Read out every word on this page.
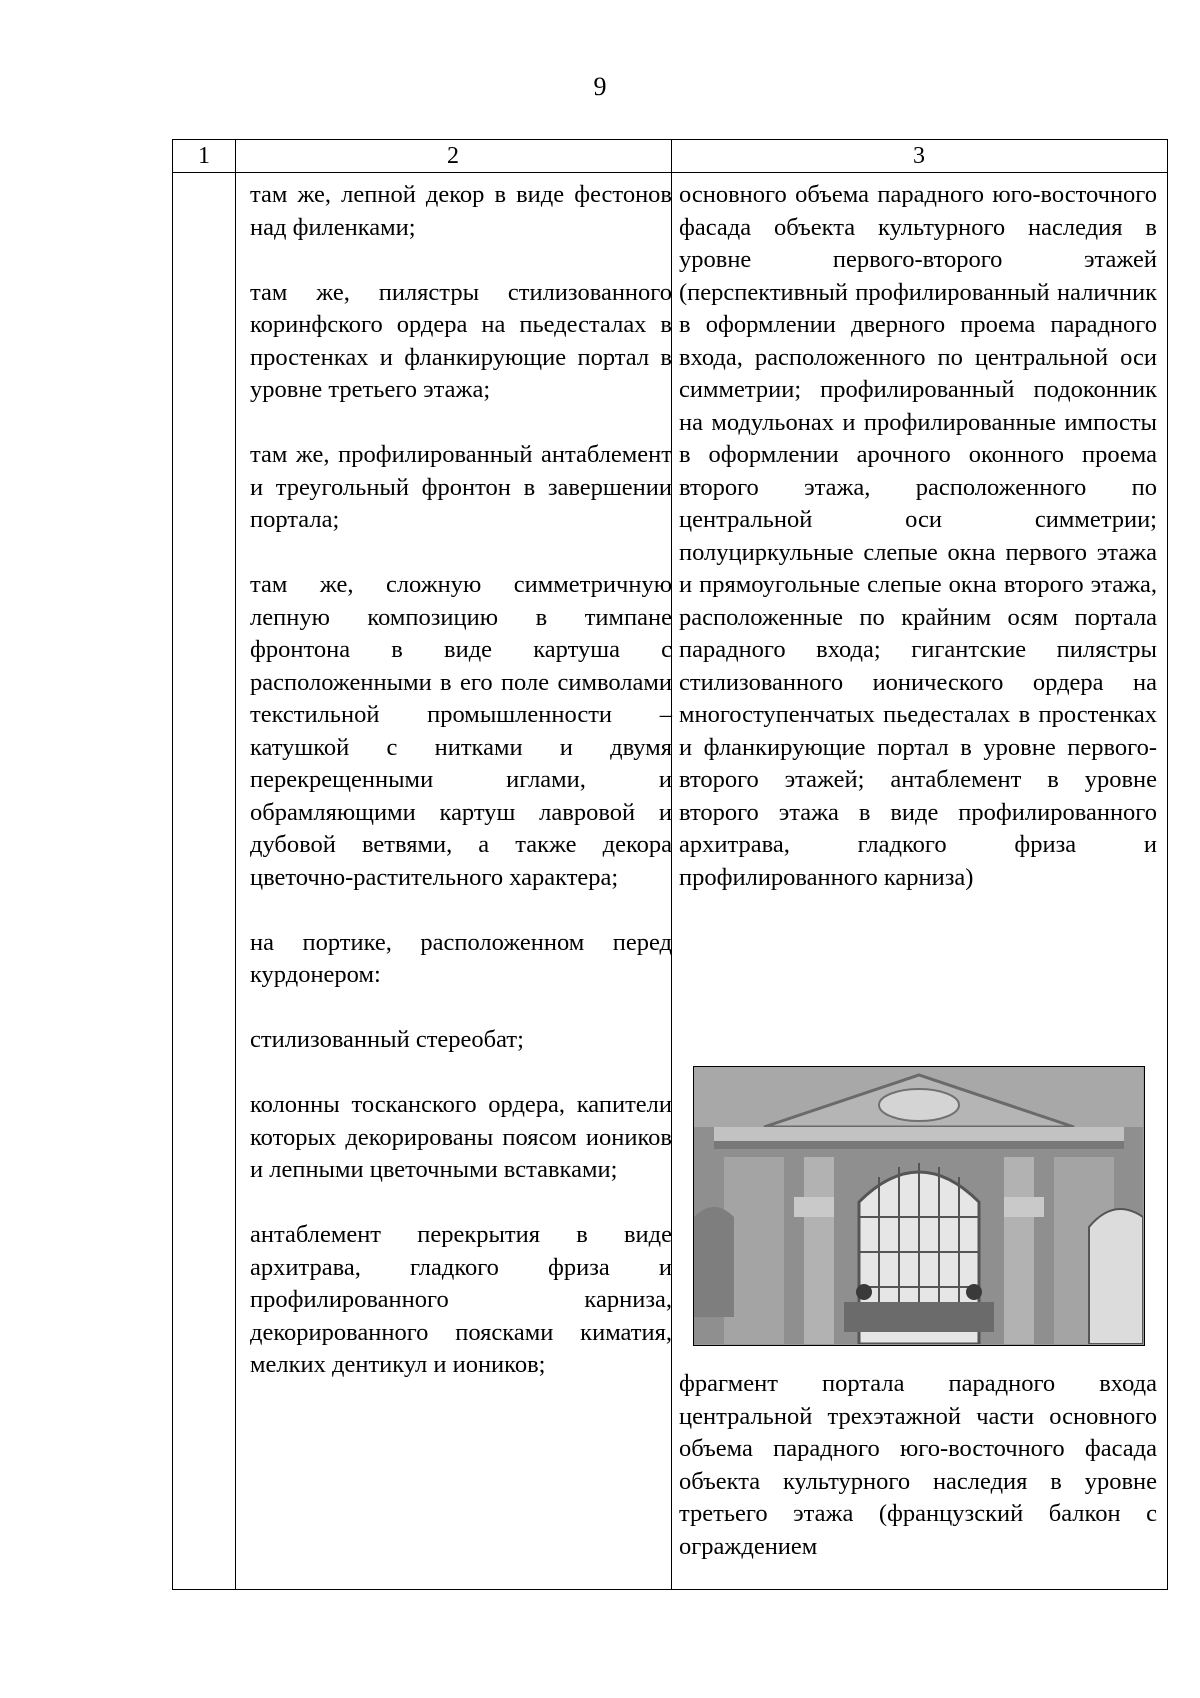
9
1	2	3

там же, лепной декор в виде фестонов над филенками;

там же, пилястры стилизованного коринфского ордера на пьедесталах в простенках и фланкирующие портал в уровне третьего этажа;

там же, профилированный антаблемент и треугольный фронтон в завершении портала;

там же, сложную симметричную лепную композицию в тимпане фронтона в виде картуша с расположенными в его поле символами текстильной промышленности – катушкой с нитками и двумя перекрещенными иглами, и обрамляющими картуш лавровой и дубовой ветвями, а также декора цветочно-растительного характера;

на портике, расположенном перед курдонером:

стилизованный стереобат;

колонны тосканского ордера, капители которых декорированы поясом иоников и лепными цветочными вставками;

антаблемент перекрытия в виде архитрава, гладкого фриза и профилированного карниза, декорированного поясками киматия, мелких дентикул и иоников;

основного объема парадного юго-восточного фасада объекта культурного наследия в уровне первого-второго этажей (перспективный профилированный наличник в оформлении дверного проема парадного входа, расположенного по центральной оси симметрии; профилированный подоконник на модульонах и профилированные импосты в оформлении арочного оконного проема второго этажа, расположенного по центральной оси симметрии; полуциркульные слепые окна первого этажа и прямоугольные слепые окна второго этажа, расположенные по крайним осям портала парадного входа; гигантские пилястры стилизованного ионического ордера на многоступенчатых пьедесталах в простенках и фланкирующие портал в уровне первого-второго этажей; антаблемент в уровне второго этажа в виде профилированного архитрава, гладкого фриза и профилированного карниза)

фрагмент портала парадного входа центральной трехэтажной части основного объема парадного юго-восточного фасада объекта культурного наследия в уровне третьего этажа (французский балкон с ограждением
